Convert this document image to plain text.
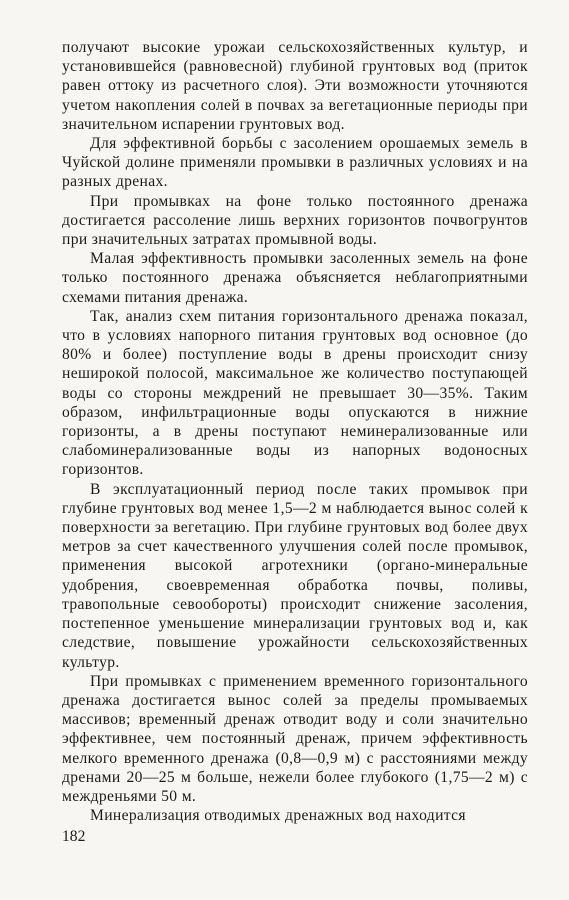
получают высокие урожаи сельскохозяйственных культур, и установившейся (равновесной) глубиной грунтовых вод (приток равен оттоку из расчетного слоя). Эти возможности уточняются учетом накопления солей в почвах за вегетационные периоды при значительном испарении грунтовых вод.

Для эффективной борьбы с засолением орошаемых земель в Чуйской долине применяли промывки в различных условиях и на разных дренах.

При промывках на фоне только постоянного дренажа достигается рассоление лишь верхних горизонтов почвогрунтов при значительных затратах промывной воды.

Малая эффективность промывки засоленных земель на фоне только постоянного дренажа объясняется неблагоприятными схемами питания дренажа.

Так, анализ схем питания горизонтального дренажа показал, что в условиях напорного питания грунтовых вод основное (до 80% и более) поступление воды в дрены происходит снизу неширокой полосой, максимальное же количество поступающей воды со стороны междрений не превышает 30—35%. Таким образом, инфильтрационные воды опускаются в нижние горизонты, а в дрены поступают неминерализованные или слабоминерализованные воды из напорных водоносных горизонтов.

В эксплуатационный период после таких промывок при глубине грунтовых вод менее 1,5—2 м наблюдается вынос солей к поверхности за вегетацию. При глубине грунтовых вод более двух метров за счет качественного улучшения солей после промывок, применения высокой агротехники (органо-минеральные удобрения, своевременная обработка почвы, поливы, травопольные севообороты) происходит снижение засоления, постепенное уменьшение минерализации грунтовых вод и, как следствие, повышение урожайности сельскохозяйственных культур.

При промывках с применением временного горизонтального дренажа достигается вынос солей за пределы промываемых массивов; временный дренаж отводит воду и соли значительно эффективнее, чем постоянный дренаж, причем эффективность мелкого временного дренажа (0,8—0,9 м) с расстояниями между дренами 20—25 м больше, нежели более глубокого (1,75—2 м) с междреньями 50 м.

Минерализация отводимых дренажных вод находится

182
